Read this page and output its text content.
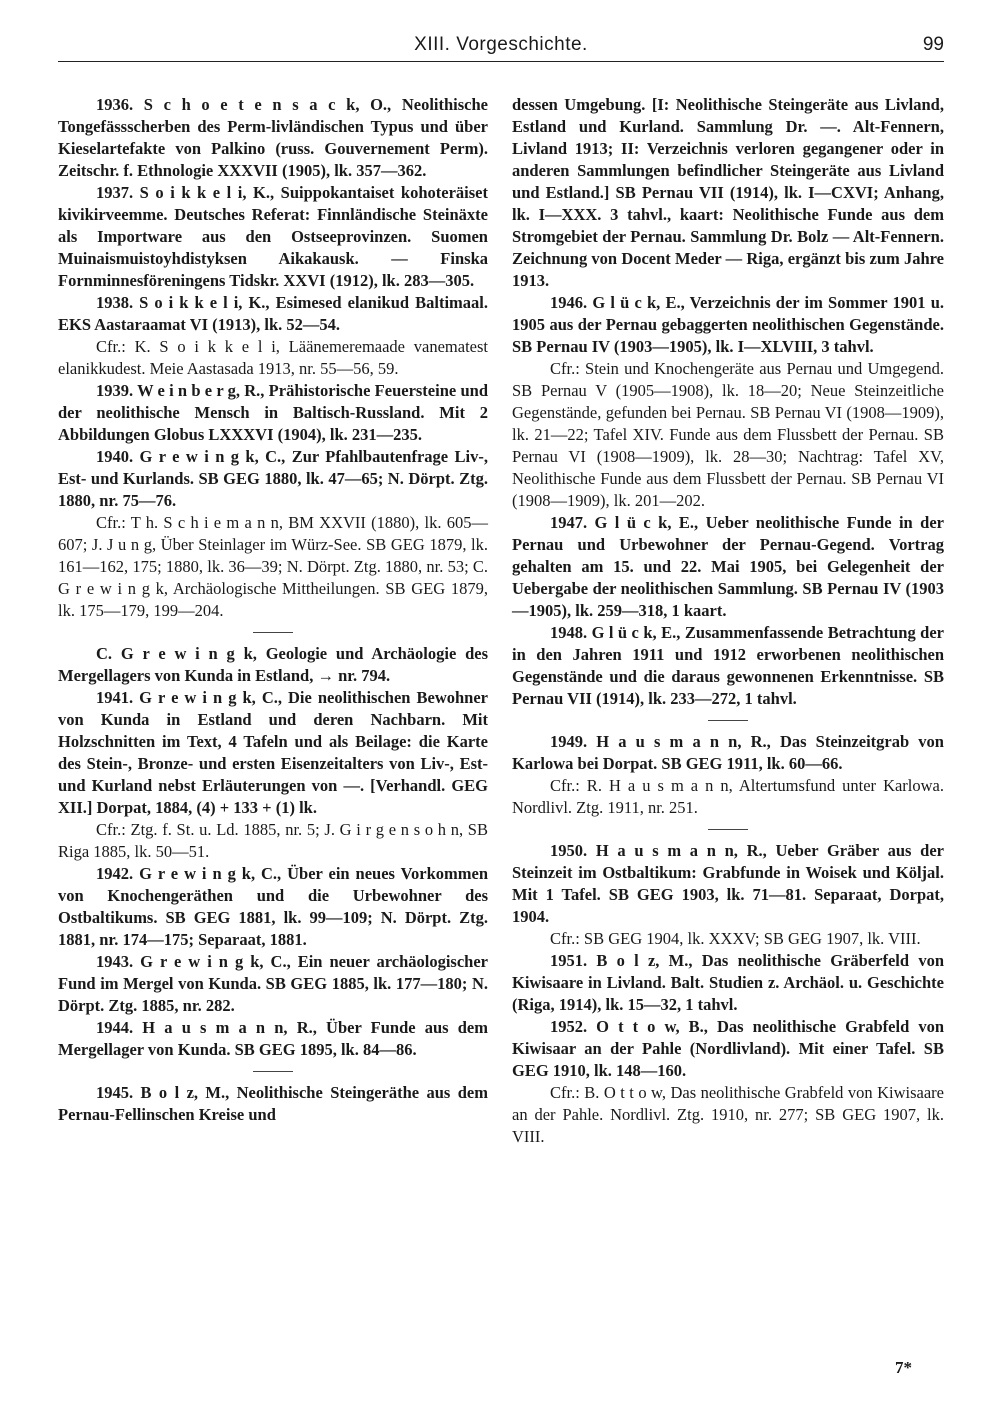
XIII. Vorgeschichte.	99

1936. S c h o e t e n s a c k, O., Neolithische Tongefässscherben des Perm-livländischen Typus und über Kieselartefakte von Palkino (russ. Gouvernement Perm). Zeitschr. f. Ethnologie XXXVII (1905), lk. 357—362.

1937. S o i k k e l i, K., Suippokantaiset kohoteräiset kivikirveemme. Deutsches Referat: Finnländische Steinäxte als Importware aus den Ostseeprovinzen. Suomen Muinaismuistoyhdistyksen Aikakausk. — Finska Fornminnesföreningens Tidskr. XXVI (1912), lk. 283—305.

1938. S o i k k e l i, K., Esimesed elanikud Baltimaal. EKS Aastaraamat VI (1913), lk. 52—54.

Cfr.: K. S o i k k e l i, Läänemeremaade vanematest elanikkudest. Meie Aastasada 1913, nr. 55—56, 59.

1939. W e i n b e r g, R., Prähistorische Feuersteine und der neolithische Mensch in Baltisch-Russland. Mit 2 Abbildungen Globus LXXXVI (1904), lk. 231—235.

1940. G r e w i n g k, C., Zur Pfahlbautenfrage Liv-, Est- und Kurlands. SB GEG 1880, lk. 47—65; N. Dörpt. Ztg. 1880, nr. 75—76.

Cfr.: T h. S c h i e m a n n, BM XXVII (1880), lk. 605—607; J. J u n g, Über Steinlager im Würz-See. SB GEG 1879, lk. 161—162, 175; 1880, lk. 36—39; N. Dörpt. Ztg. 1880, nr. 53; C. G r e w i n g k, Archäologische Mittheilungen. SB GEG 1879, lk. 175—179, 199—204.

C. G r e w i n g k, Geologie und Archäologie des Mergellagers von Kunda in Estland, → nr. 794.

1941. G r e w i n g k, C., Die neolithischen Bewohner von Kunda in Estland und deren Nachbarn. Mit Holzschnitten im Text, 4 Tafeln und als Beilage: die Karte des Stein-, Bronze- und ersten Eisenzeitalters von Liv-, Est- und Kurland nebst Erläuterungen von —. [Verhandl. GEG XII.] Dorpat, 1884, (4) + 133 + (1) lk.

Cfr.: Ztg. f. St. u. Ld. 1885, nr. 5; J. G i r g e n s o h n, SB Riga 1885, lk. 50—51.

1942. G r e w i n g k, C., Über ein neues Vorkommen von Knochengeräthen und die Urbewohner des Ostbaltikums. SB GEG 1881, lk. 99—109; N. Dörpt. Ztg. 1881, nr. 174—175; Separaat, 1881.

1943. G r e w i n g k, C., Ein neuer archäologischer Fund im Mergel von Kunda. SB GEG 1885, lk. 177—180; N. Dörpt. Ztg. 1885, nr. 282.

1944. H a u s m a n n, R., Über Funde aus dem Mergellager von Kunda. SB GEG 1895, lk. 84—86.

1945. B o l z, M., Neolithische Steingeräthe aus dem Pernau-Fellinschen Kreise und

dessen Umgebung. [I: Neolithische Steingeräte aus Livland, Estland und Kurland. Sammlung Dr. —. Alt-Fennern, Livland 1913; II: Verzeichnis verloren gegangener oder in anderen Sammlungen befindlicher Steingeräte aus Livland und Estland.] SB Pernau VII (1914), lk. I—CXVI; Anhang, lk. I—XXX. 3 tahvl., kaart: Neolithische Funde aus dem Stromgebiet der Pernau. Sammlung Dr. Bolz — Alt-Fennern. Zeichnung von Docent Meder — Riga, ergänzt bis zum Jahre 1913.

1946. G l ü c k, E., Verzeichnis der im Sommer 1901 u. 1905 aus der Pernau gebaggerten neolithischen Gegenstände. SB Pernau IV (1903—1905), lk. I—XLVIII, 3 tahvl.

Cfr.: Stein und Knochengeräte aus Pernau und Umgegend. SB Pernau V (1905—1908), lk. 18—20; Neue Steinzeitliche Gegenstände, gefunden bei Pernau. SB Pernau VI (1908—1909), lk. 21—22; Tafel XIV. Funde aus dem Flussbett der Pernau. SB Pernau VI (1908—1909), lk. 28—30; Nachtrag: Tafel XV, Neolithische Funde aus dem Flussbett der Pernau. SB Pernau VI (1908—1909), lk. 201—202.

1947. G l ü c k, E., Ueber neolithische Funde in der Pernau und Urbewohner der Pernau-Gegend. Vortrag gehalten am 15. und 22. Mai 1905, bei Gelegenheit der Uebergabe der neolithischen Sammlung. SB Pernau IV (1903—1905), lk. 259—318, 1 kaart.

1948. G l ü c k, E., Zusammenfassende Betrachtung der in den Jahren 1911 und 1912 erworbenen neolithischen Gegenstände und die daraus gewonnenen Erkenntnisse. SB Pernau VII (1914), lk. 233—272, 1 tahvl.

1949. H a u s m a n n, R., Das Steinzeitgrab von Karlowa bei Dorpat. SB GEG 1911, lk. 60—66.

Cfr.: R. H a u s m a n n, Altertumsfund unter Karlowa. Nordlivl. Ztg. 1911, nr. 251.

1950. H a u s m a n n, R., Ueber Gräber aus der Steinzeit im Ostbaltikum: Grabfunde in Woisek und Köljal. Mit 1 Tafel. SB GEG 1903, lk. 71—81. Separaat, Dorpat, 1904.

Cfr.: SB GEG 1904, lk. XXXV; SB GEG 1907, lk. VIII.

1951. B o l z, M., Das neolithische Gräberfeld von Kiwisaare in Livland. Balt. Studien z. Archäol. u. Geschichte (Riga, 1914), lk. 15—32, 1 tahvl.

1952. O t t o w, B., Das neolithische Grabfeld von Kiwisaar an der Pahle (Nordlivland). Mit einer Tafel. SB GEG 1910, lk. 148—160.

Cfr.: B. O t t o w, Das neolithische Grabfeld von Kiwisaare an der Pahle. Nordlivl. Ztg. 1910, nr. 277; SB GEG 1907, lk. VIII.

7*
